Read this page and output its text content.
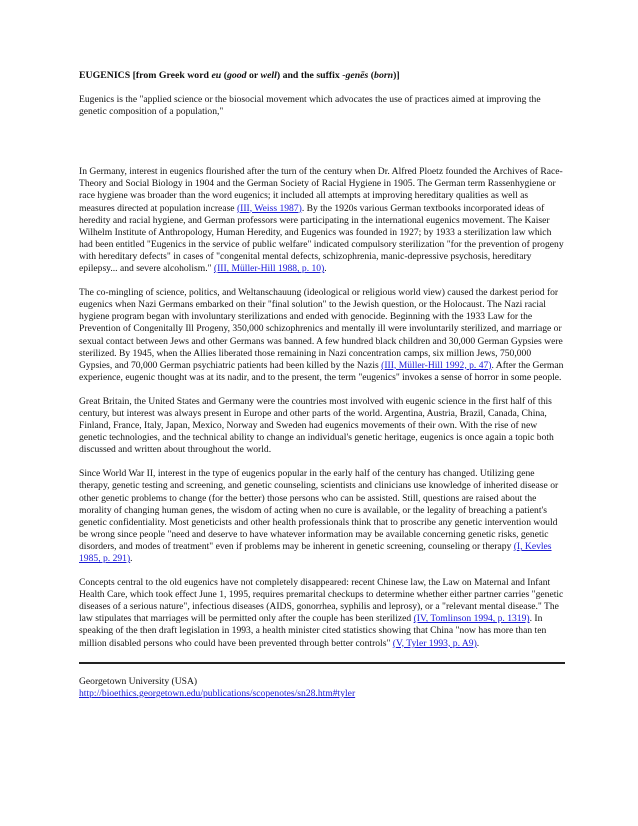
EUGENICS [from Greek word eu (good or well) and the suffix -genēs (born)]

Eugenics is the "applied science or the biosocial movement which advocates the use of practices aimed at improving the genetic composition of a population,"

In Germany, interest in eugenics flourished after the turn of the century when Dr. Alfred Ploetz founded the Archives of Race-Theory and Social Biology in 1904 and the German Society of Racial Hygiene in 1905. The German term Rassenhygiene or race hygiene was broader than the word eugenics; it included all attempts at improving hereditary qualities as well as measures directed at population increase (III, Weiss 1987). By the 1920s various German textbooks incorporated ideas of heredity and racial hygiene, and German professors were participating in the international eugenics movement. The Kaiser Wilhelm Institute of Anthropology, Human Heredity, and Eugenics was founded in 1927; by 1933 a sterilization law which had been entitled "Eugenics in the service of public welfare" indicated compulsory sterilization "for the prevention of progeny with hereditary defects" in cases of "congenital mental defects, schizophrenia, manic-depressive psychosis, hereditary epilepsy... and severe alcoholism." (III, Müller-Hill 1988, p. 10).

The co-mingling of science, politics, and Weltanschauung (ideological or religious world view) caused the darkest period for eugenics when Nazi Germans embarked on their "final solution" to the Jewish question, or the Holocaust. The Nazi racial hygiene program began with involuntary sterilizations and ended with genocide. Beginning with the 1933 Law for the Prevention of Congenitally Ill Progeny, 350,000 schizophrenics and mentally ill were involuntarily sterilized, and marriage or sexual contact between Jews and other Germans was banned. A few hundred black children and 30,000 German Gypsies were sterilized. By 1945, when the Allies liberated those remaining in Nazi concentration camps, six million Jews, 750,000 Gypsies, and 70,000 German psychiatric patients had been killed by the Nazis (III, Müller-Hill 1992, p. 47). After the German experience, eugenic thought was at its nadir, and to the present, the term "eugenics" invokes a sense of horror in some people.

Great Britain, the United States and Germany were the countries most involved with eugenic science in the first half of this century, but interest was always present in Europe and other parts of the world. Argentina, Austria, Brazil, Canada, China, Finland, France, Italy, Japan, Mexico, Norway and Sweden had eugenics movements of their own. With the rise of new genetic technologies, and the technical ability to change an individual's genetic heritage, eugenics is once again a topic both discussed and written about throughout the world.

Since World War II, interest in the type of eugenics popular in the early half of the century has changed. Utilizing gene therapy, genetic testing and screening, and genetic counseling, scientists and clinicians use knowledge of inherited disease or other genetic problems to change (for the better) those persons who can be assisted. Still, questions are raised about the morality of changing human genes, the wisdom of acting when no cure is available, or the legality of breaching a patient's genetic confidentiality. Most geneticists and other health professionals think that to proscribe any genetic intervention would be wrong since people "need and deserve to have whatever information may be available concerning genetic risks, genetic disorders, and modes of treatment" even if problems may be inherent in genetic screening, counseling or therapy (I, Kevles 1985, p. 291).

Concepts central to the old eugenics have not completely disappeared: recent Chinese law, the Law on Maternal and Infant Health Care, which took effect June 1, 1995, requires premarital checkups to determine whether either partner carries "genetic diseases of a serious nature", infectious diseases (AIDS, gonorrhea, syphilis and leprosy), or a "relevant mental disease." The law stipulates that marriages will be permitted only after the couple has been sterilized (IV, Tomlinson 1994, p. 1319). In speaking of the then draft legislation in 1993, a health minister cited statistics showing that China "now has more than ten million disabled persons who could have been prevented through better controls" (V, Tyler 1993, p. A9).

Georgetown University (USA)

http://bioethics.georgetown.edu/publications/scopenotes/sn28.htm#tyler
